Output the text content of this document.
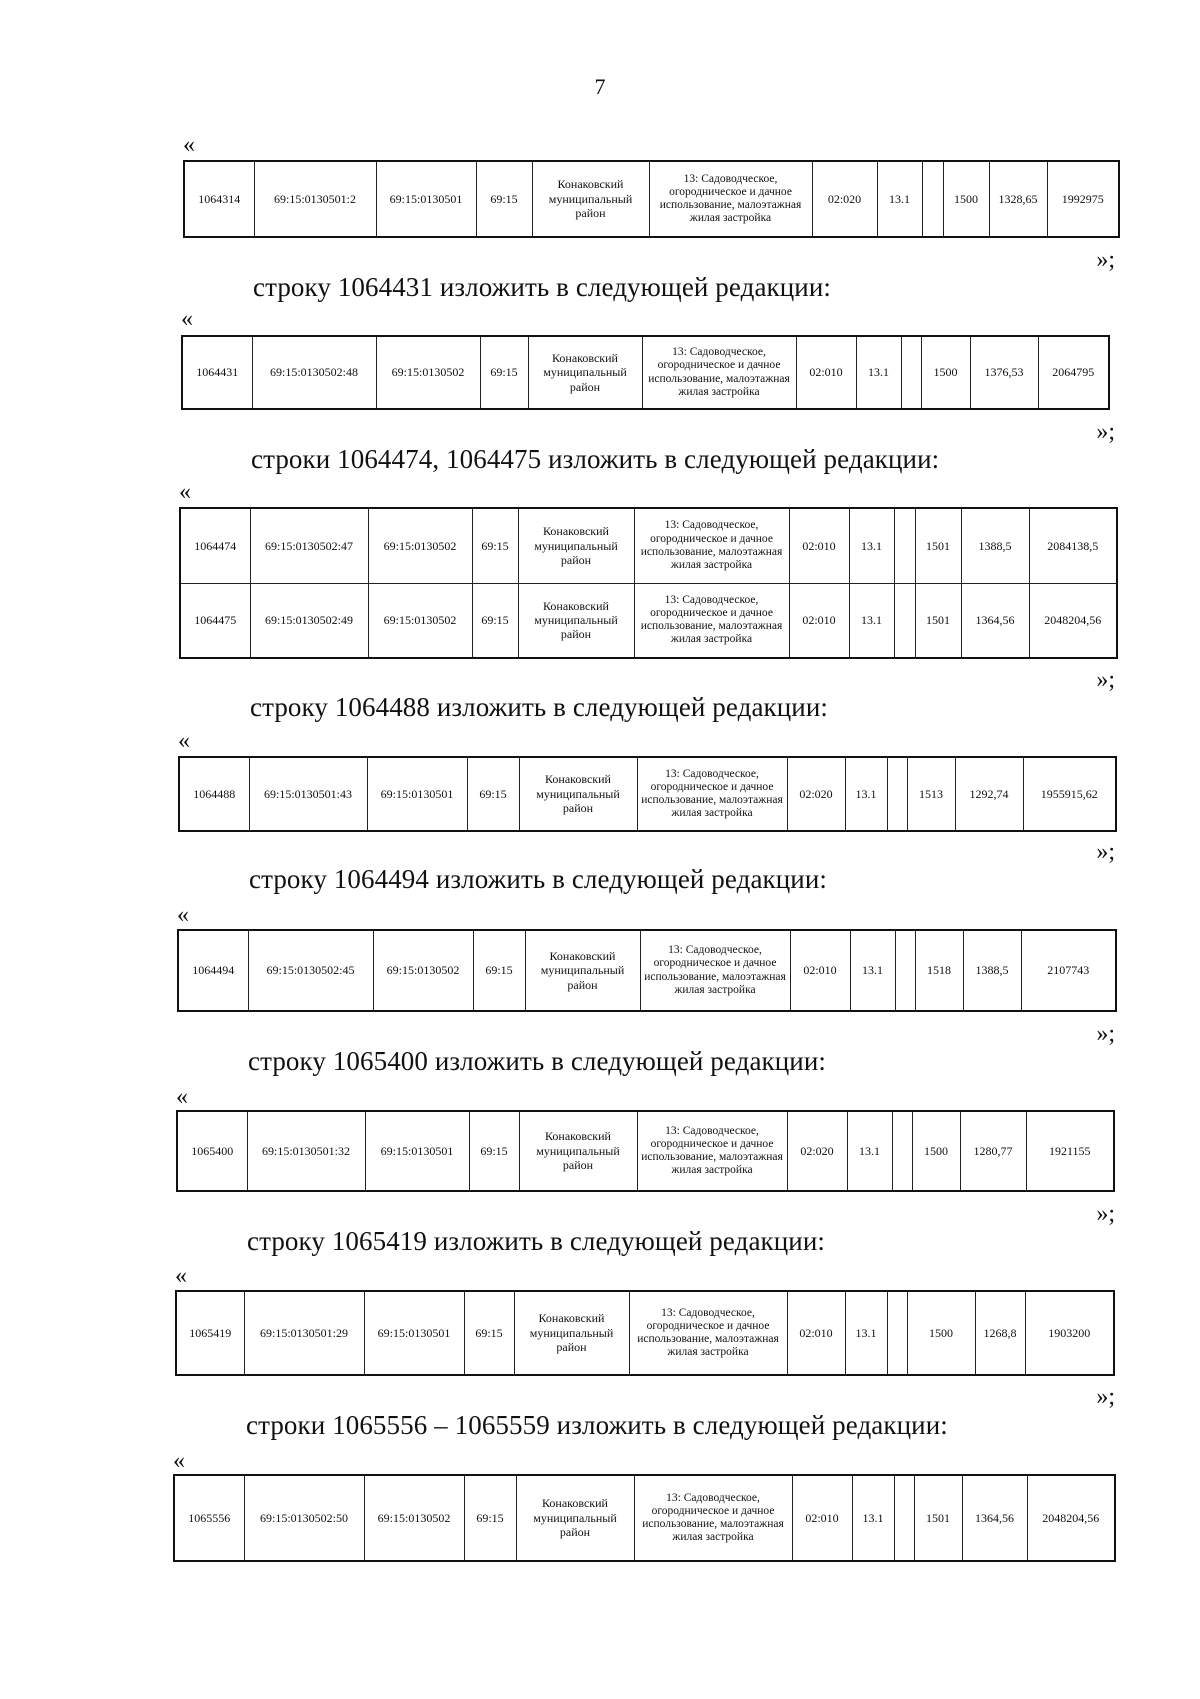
7
«
1064314	69:15:0130501:2	69:15:0130501	69:15	Конаковский муниципальный район	13: Садоводческое, огородническое и дачное использование, малоэтажная жилая застройка	02:020	13.1		1500	1328,65	1992975
»;
строку 1064431 изложить в следующей редакции:
«
1064431	69:15:0130502:48	69:15:0130502	69:15	Конаковский муниципальный район	13: Садоводческое, огородническое и дачное использование, малоэтажная жилая застройка	02:010	13.1		1500	1376,53	2064795
»;
строки 1064474, 1064475 изложить в следующей редакции:
«
1064474	69:15:0130502:47	69:15:0130502	69:15	Конаковский муниципальный район	13: Садоводческое, огородническое и дачное использование, малоэтажная жилая застройка	02:010	13.1		1501	1388,5	2084138,5
1064475	69:15:0130502:49	69:15:0130502	69:15	Конаковский муниципальный район	13: Садоводческое, огородническое и дачное использование, малоэтажная жилая застройка	02:010	13.1		1501	1364,56	2048204,56
»;
строку 1064488 изложить в следующей редакции:
«
1064488	69:15:0130501:43	69:15:0130501	69:15	Конаковский муниципальный район	13: Садоводческое, огородническое и дачное использование, малоэтажная жилая застройка	02:020	13.1		1513	1292,74	1955915,62
»;
строку 1064494 изложить в следующей редакции:
«
1064494	69:15:0130502:45	69:15:0130502	69:15	Конаковский муниципальный район	13: Садоводческое, огородническое и дачное использование, малоэтажная жилая застройка	02:010	13.1		1518	1388,5	2107743
»;
строку 1065400 изложить в следующей редакции:
«
1065400	69:15:0130501:32	69:15:0130501	69:15	Конаковский муниципальный район	13: Садоводческое, огородническое и дачное использование, малоэтажная жилая застройка	02:020	13.1		1500	1280,77	1921155
»;
строку 1065419 изложить в следующей редакции:
«
1065419	69:15:0130501:29	69:15:0130501	69:15	Конаковский муниципальный район	13: Садоводческое, огородническое и дачное использование, малоэтажная жилая застройка	02:010	13.1		1500	1268,8	1903200
»;
строки 1065556 – 1065559 изложить в следующей редакции:
«
1065556	69:15:0130502:50	69:15:0130502	69:15	Конаковский муниципальный район	13: Садоводческое, огородническое и дачное использование, малоэтажная жилая застройка	02:010	13.1		1501	1364,56	2048204,56
